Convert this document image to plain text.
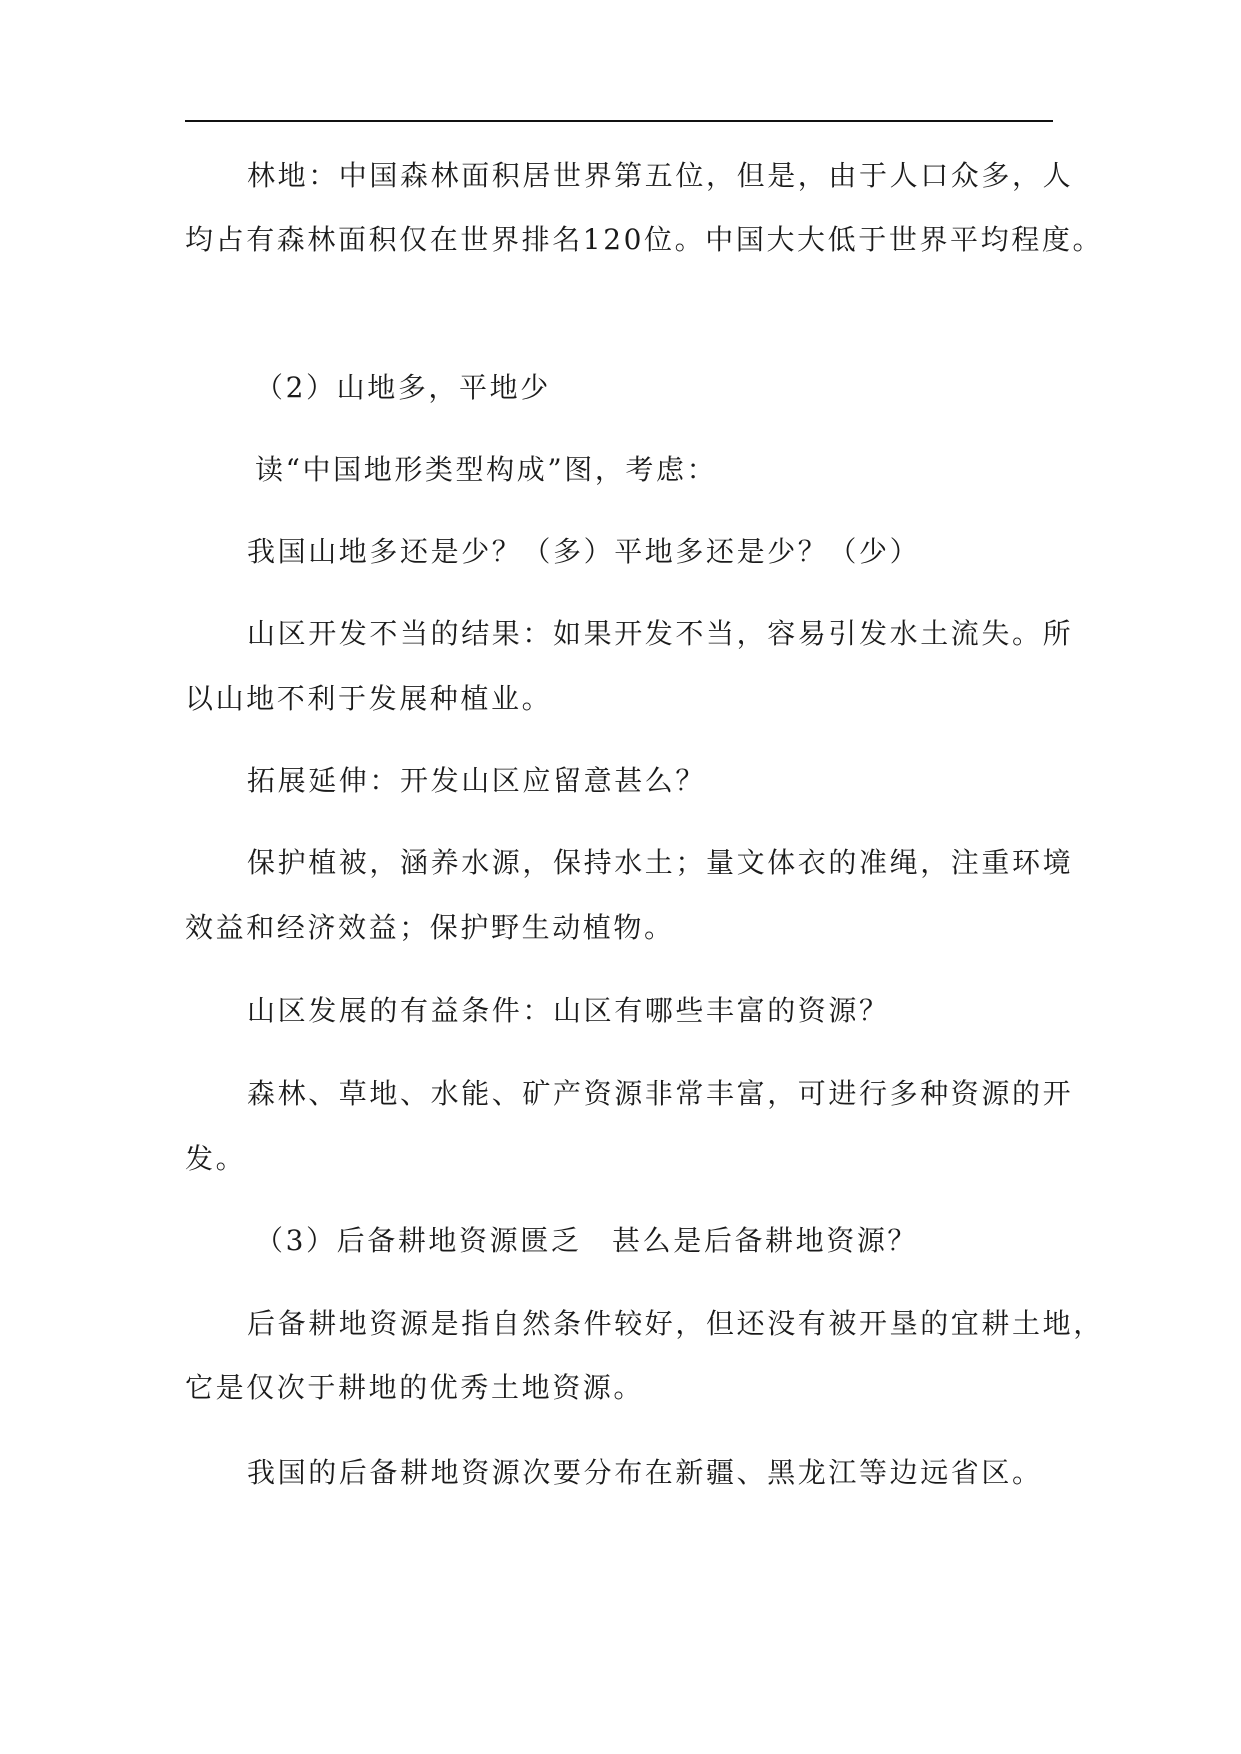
林地：中国森林面积居世界第五位，但是，由于人口众多，人
均占有森林面积仅在世界排名120位。中国大大低于世界平均程度。
（2）山地多，平地少
读“中国地形类型构成”图，考虑：
我国山地多还是少？（多）平地多还是少？（少）
山区开发不当的结果：如果开发不当，容易引发水土流失。所
以山地不利于发展种植业。
拓展延伸：开发山区应留意甚么？
保护植被，涵养水源，保持水土；量文体衣的准绳，注重环境
效益和经济效益；保护野生动植物。
山区发展的有益条件：山区有哪些丰富的资源？
森林、草地、水能、矿产资源非常丰富，可进行多种资源的开
发。
（3）后备耕地资源匮乏　甚么是后备耕地资源？
后备耕地资源是指自然条件较好，但还没有被开垦的宜耕土地，
它是仅次于耕地的优秀土地资源。
我国的后备耕地资源次要分布在新疆、黑龙江等边远省区。
